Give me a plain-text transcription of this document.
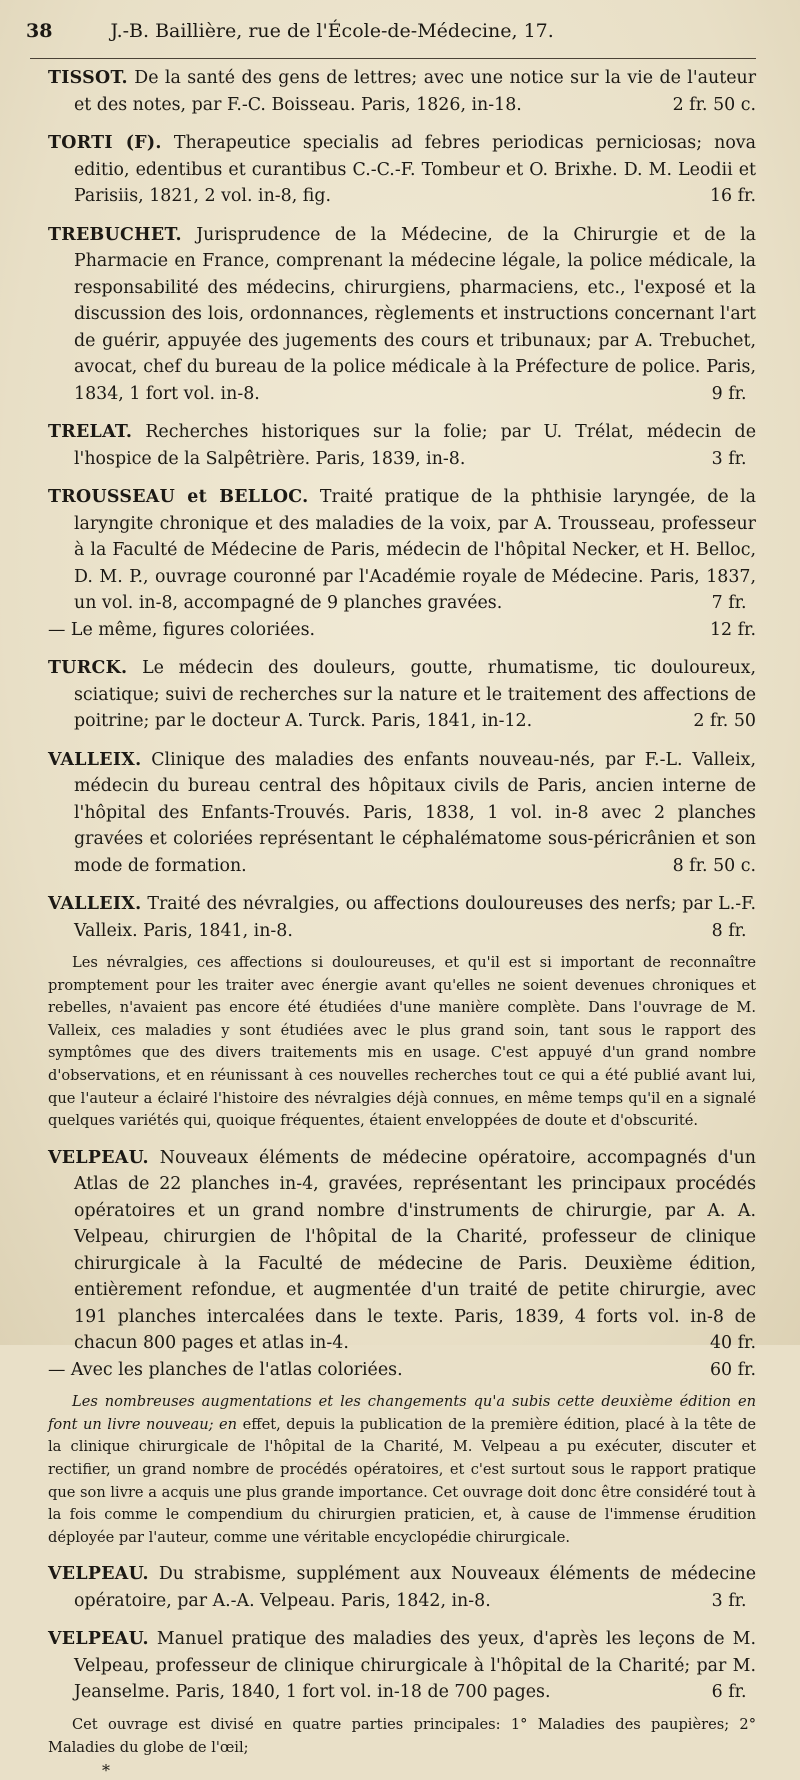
38	J.-B. Baillière, rue de l'École-de-Médecine, 17.
TISSOT. De la santé des gens de lettres; avec une notice sur la vie de l'auteur et des notes, par F.-C. Boisseau. Paris, 1826, in-18.	2 fr. 50 c.
TORTI (F). Therapeutice specialis ad febres periodicas perniciosas; nova editio, edentibus et curantibus C.-C.-F. Tombeur et O. Brixhe. D. M. Leodii et Parisiis, 1821, 2 vol. in-8, fig.	16 fr.
TREBUCHET. Jurisprudence de la Médecine, de la Chirurgie et de la Pharmacie en France, comprenant la médecine légale, la police médicale, la responsabilité des médecins, chirurgiens, pharmaciens, etc., l'exposé et la discussion des lois, ordonnances, règlements et instructions concernant l'art de guérir, appuyée des jugements des cours et tribunaux; par A. Trebuchet, avocat, chef du bureau de la police médicale à la Préfecture de police. Paris, 1834, 1 fort vol. in-8.	9 fr.
TRELAT. Recherches historiques sur la folie; par U. Trélat, médecin de l'hospice de la Salpêtrière. Paris, 1839, in-8.	3 fr.
TROUSSEAU et BELLOC. Traité pratique de la phthisie laryngée, de la laryngite chronique et des maladies de la voix, par A. Trousseau, professeur à la Faculté de Médecine de Paris, médecin de l'hôpital Necker, et H. Belloc, D. M. P., ouvrage couronné par l'Académie royale de Médecine. Paris, 1837, un vol. in-8, accompagné de 9 planches gravées.	7 fr.
— Le même, figures coloriées.	12 fr.
TURCK. Le médecin des douleurs, goutte, rhumatisme, tic douloureux, sciatique; suivi de recherches sur la nature et le traitement des affections de poitrine; par le docteur A. Turck. Paris, 1841, in-12.	2 fr. 50
VALLEIX. Clinique des maladies des enfants nouveau-nés, par F.-L. Valleix, médecin du bureau central des hôpitaux civils de Paris, ancien interne de l'hôpital des Enfants-Trouvés. Paris, 1838, 1 vol. in-8 avec 2 planches gravées et coloriées représentant le céphalématome sous-péricrânien et son mode de formation.	8 fr. 50 c.
VALLEIX. Traité des névralgies, ou affections douloureuses des nerfs; par L.-F. Valleix. Paris, 1841, in-8.	8 fr.
Les névralgies, ces affections si douloureuses, et qu'il est si important de reconnaître promptement pour les traiter avec énergie avant qu'elles ne soient devenues chroniques et rebelles, n'avaient pas encore été étudiées d'une manière complète. Dans l'ouvrage de M. Valleix, ces maladies y sont étudiées avec le plus grand soin, tant sous le rapport des symptômes que des divers traitements mis en usage. C'est appuyé d'un grand nombre d'observations, et en réunissant à ces nouvelles recherches tout ce qui a été publié avant lui, que l'auteur a éclairé l'histoire des névralgies déjà connues, en même temps qu'il en a signalé quelques variétés qui, quoique fréquentes, étaient enveloppées de doute et d'obscurité.
VELPEAU. Nouveaux éléments de médecine opératoire, accompagnés d'un Atlas de 22 planches in-4, gravées, représentant les principaux procédés opératoires et un grand nombre d'instruments de chirurgie, par A. A. Velpeau, chirurgien de l'hôpital de la Charité, professeur de clinique chirurgicale à la Faculté de médecine de Paris. Deuxième édition, entièrement refondue, et augmentée d'un traité de petite chirurgie, avec 191 planches intercalées dans le texte. Paris, 1839, 4 forts vol. in-8 de chacun 800 pages et atlas in-4.	40 fr.
— Avec les planches de l'atlas coloriées.	60 fr.
Les nombreuses augmentations et les changements qu'a subis cette deuxième édition en font un livre nouveau; en effet, depuis la publication de la première édition, placé à la tête de la clinique chirurgicale de l'hôpital de la Charité, M. Velpeau a pu exécuter, discuter et rectifier, un grand nombre de procédés opératoires, et c'est surtout sous le rapport pratique que son livre a acquis une plus grande importance. Cet ouvrage doit donc être considéré tout à la fois comme le compendium du chirurgien praticien, et, à cause de l'immense érudition déployée par l'auteur, comme une véritable encyclopédie chirurgicale.
VELPEAU. Du strabisme, supplément aux Nouveaux éléments de médecine opératoire, par A.-A. Velpeau. Paris, 1842, in-8.	3 fr.
VELPEAU. Manuel pratique des maladies des yeux, d'après les leçons de M. Velpeau, professeur de clinique chirurgicale à l'hôpital de la Charité; par M. Jeanselme. Paris, 1840, 1 fort vol. in-18 de 700 pages.	6 fr.
Cet ouvrage est divisé en quatre parties principales: 1° Maladies des paupières; 2° Maladies du globe de l'œil;
*
